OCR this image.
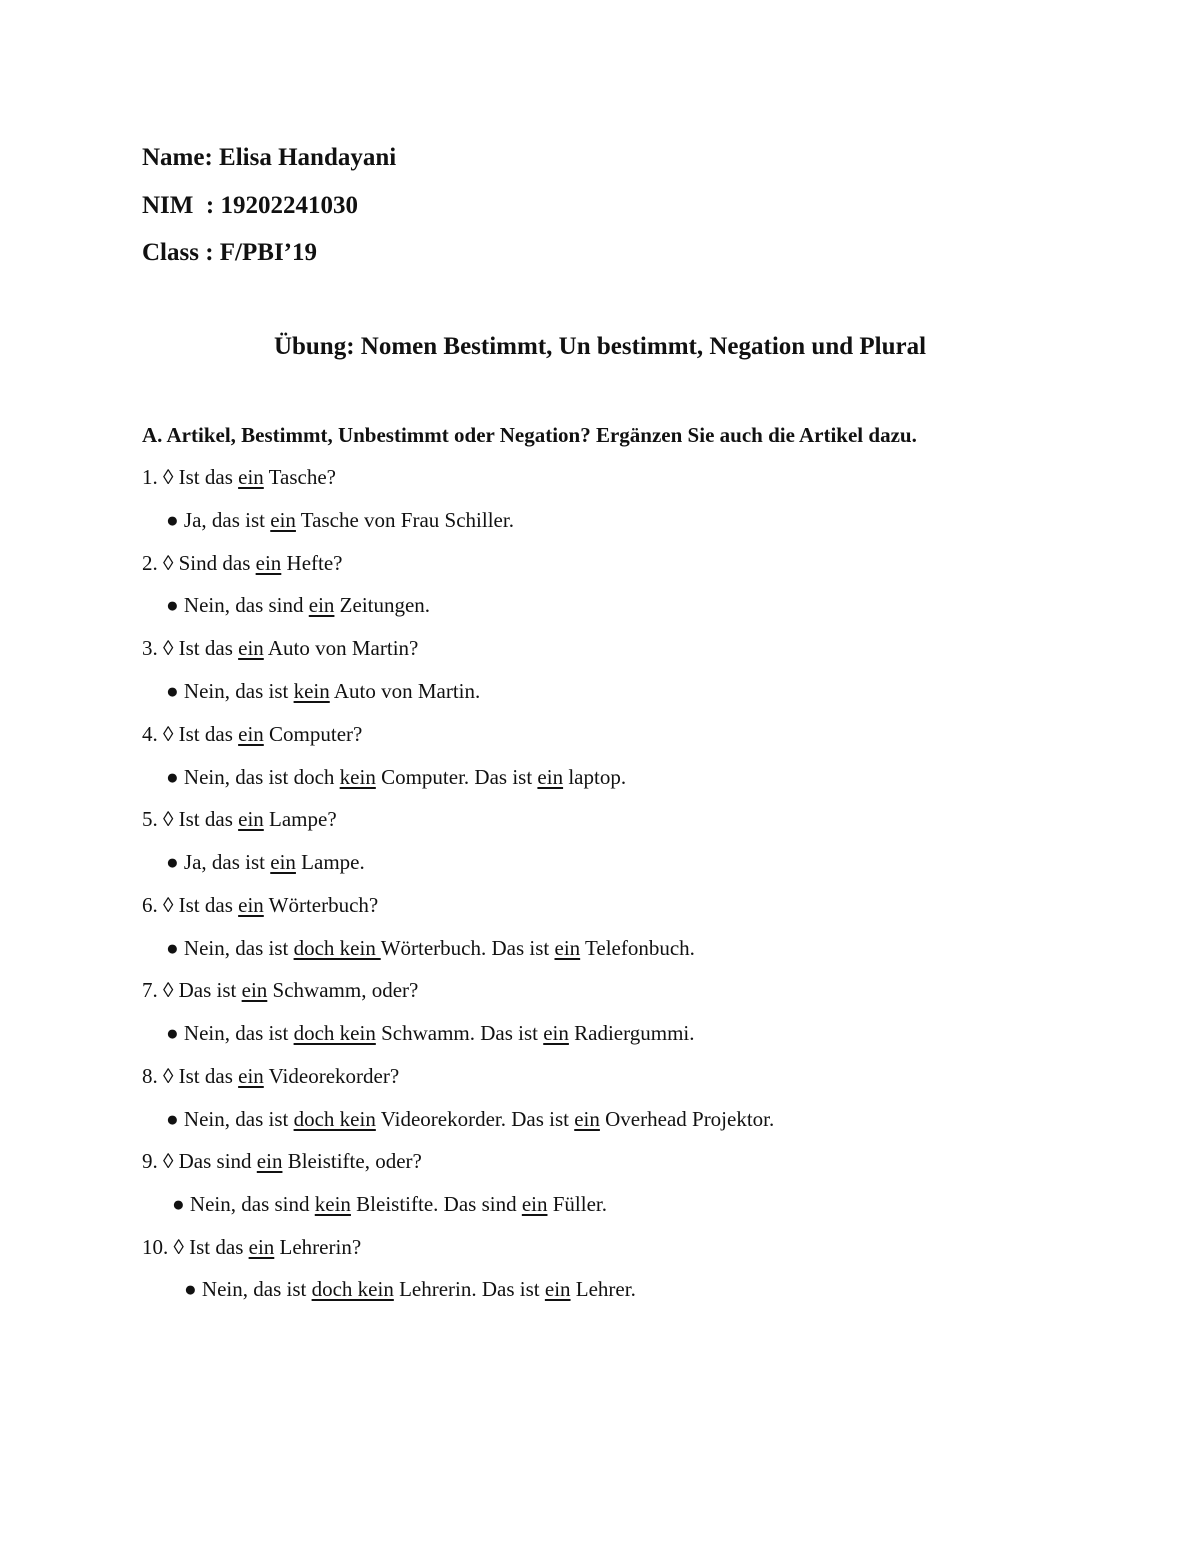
Name: Elisa Handayani
NIM  : 19202241030
Class : F/PBI’19
Übung: Nomen Bestimmt, Un bestimmt, Negation und Plural
A. Artikel, Bestimmt, Unbestimmt oder Negation? Ergänzen Sie auch die Artikel dazu.
1. ◊ Ist das ein Tasche?
● Ja, das ist ein Tasche von Frau Schiller.
2. ◊ Sind das ein Hefte?
● Nein, das sind ein Zeitungen.
3. ◊ Ist das ein Auto von Martin?
● Nein, das ist kein Auto von Martin.
4. ◊ Ist das ein Computer?
● Nein, das ist doch kein Computer. Das ist ein laptop.
5. ◊ Ist das ein Lampe?
● Ja, das ist ein Lampe.
6. ◊ Ist das ein Wörterbuch?
● Nein, das ist doch kein Wörterbuch. Das ist ein Telefonbuch.
7. ◊ Das ist ein Schwamm, oder?
● Nein, das ist doch kein Schwamm. Das ist ein Radiergummi.
8. ◊ Ist das ein Videorekorder?
● Nein, das ist doch kein Videorekorder. Das ist ein Overhead Projektor.
9. ◊ Das sind ein Bleistifte, oder?
● Nein, das sind kein Bleistifte. Das sind ein Füller.
10. ◊ Ist das ein Lehrerin?
● Nein, das ist doch kein Lehrerin. Das ist ein Lehrer.
